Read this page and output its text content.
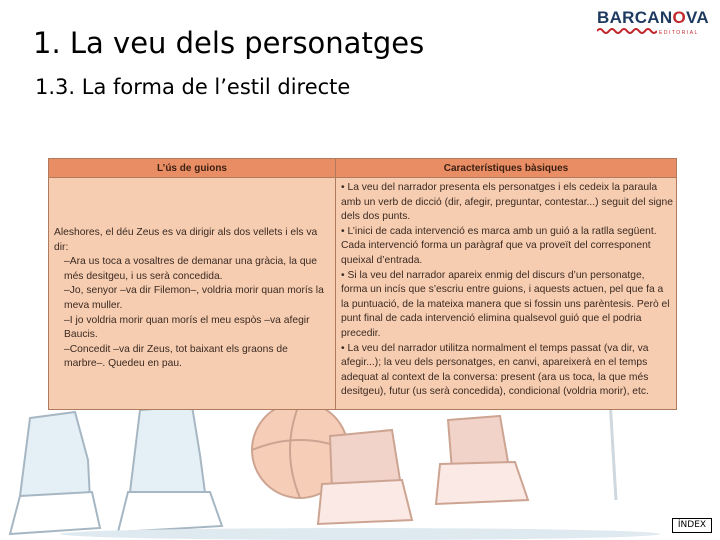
1. La veu dels personatges
1.3. La forma de l’estil directe
BARCANOVA
EDITORIAL
L’ús de guions	Característiques bàsiques

Aleshores, el déu Zeus es va dirigir als dos vellets i els va dir:

–Ara us toca a vosaltres de demanar una gràcia, la que més desitgeu, i us serà concedida.

–Jo, senyor –va dir Filemon–, voldria morir quan morís la meva muller.

–I jo voldria morir quan morís el meu espòs –va afegir Baucis.

–Concedit –va dir Zeus, tot baixant els graons de marbre–. Quedeu en pau.

• La veu del narrador presenta els personatges i els cedeix la paraula amb un verb de dicció (dir, afegir, preguntar, contestar...) seguit del signe dels dos punts.

• L’inici de cada intervenció es marca amb un guió a la ratlla següent. Cada intervenció forma un paràgraf que va proveït del corresponent queixal d’entrada.

• Si la veu del narrador apareix enmig del discurs d’un personatge, forma un incís que s’escriu entre guions, i aquests actuen, pel que fa a la puntuació, de la mateixa manera que si fossin uns parèntesis. Però el punt final de cada intervenció elimina qualsevol guió que el podria precedir.

• La veu del narrador utilitza normalment el temps passat (va dir, va afegir...); la veu dels personatges, en canvi, apareixerà en el temps adequat al context de la conversa: present (ara us toca, la que més desitgeu), futur (us serà concedida), condicional (voldria morir), etc.

ÍNDEX
